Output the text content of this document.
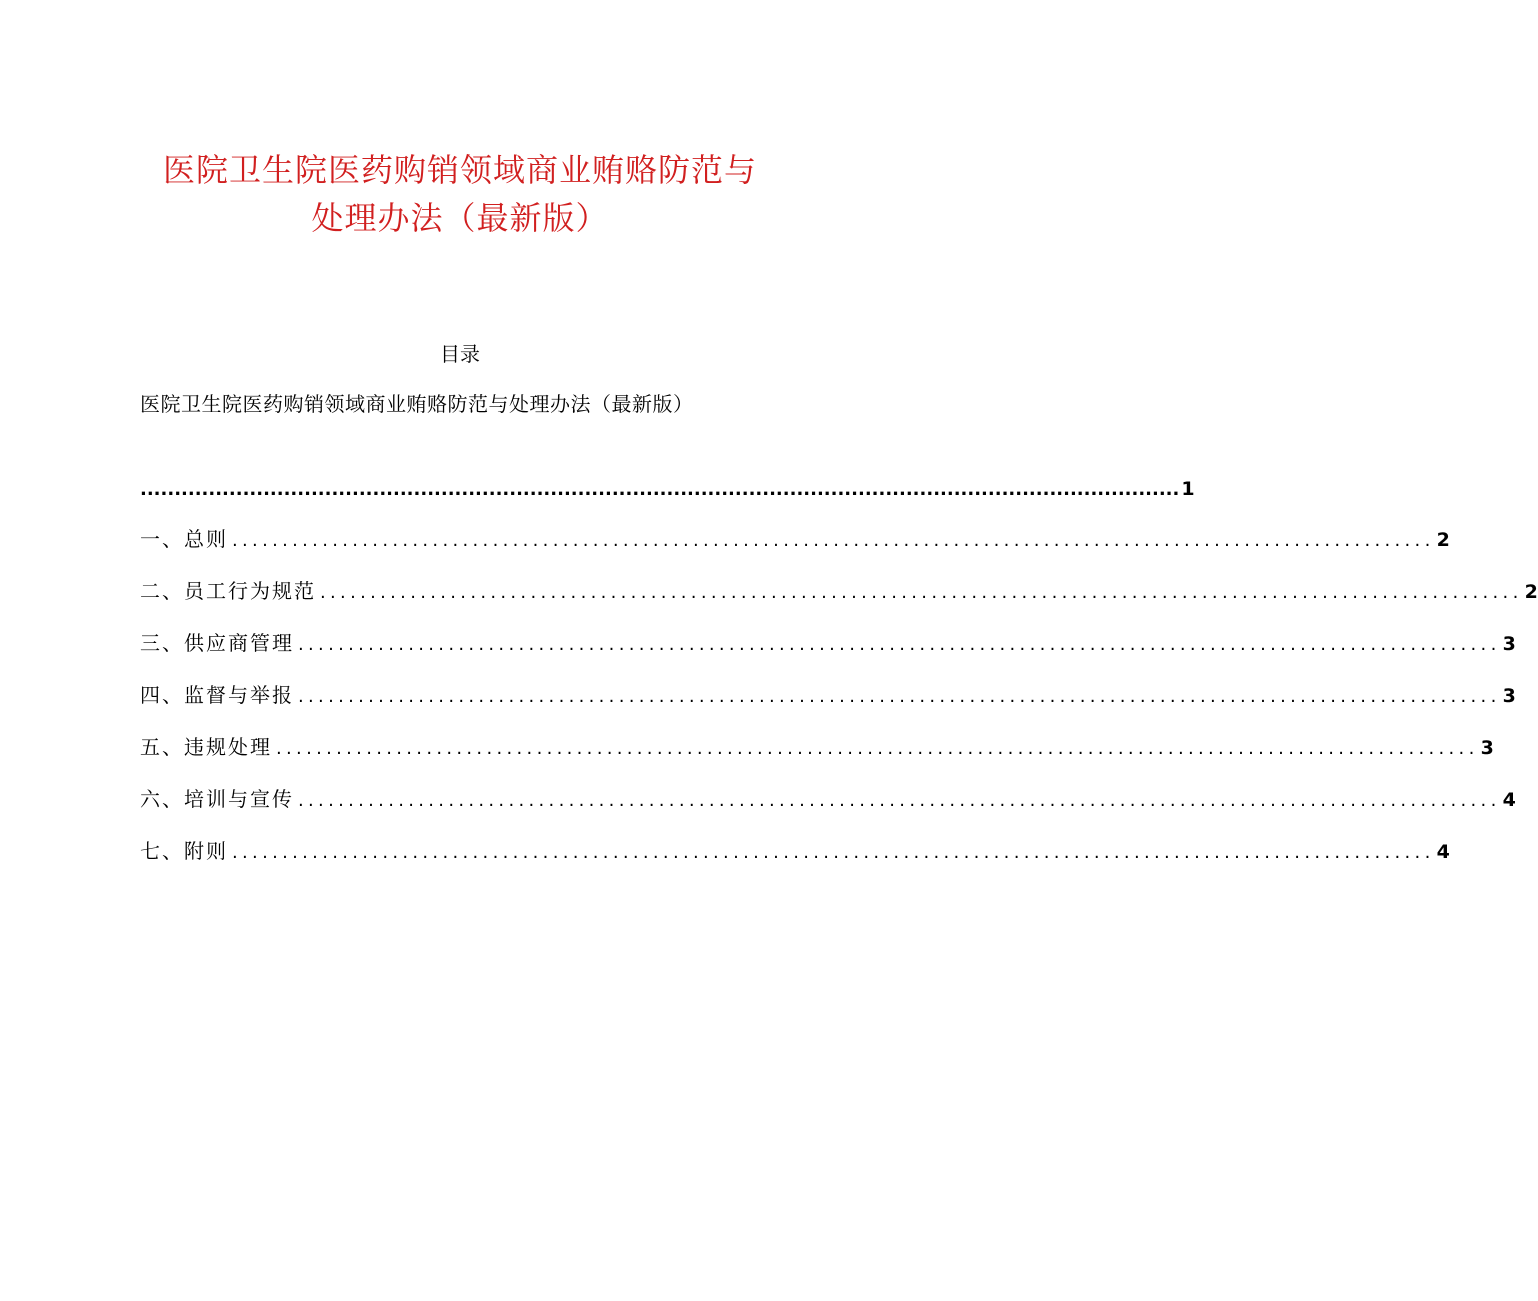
医院卫生院医药购销领域商业贿赂防范与
处理办法（最新版）
目录
医院卫生院医药购销领域商业贿赂防范与处理办法（最新版）
........................................................................................................................................................ 1
一、总则 ........................................................................................................................ 2
二、员工行为规范 ........................................................................................................................ 2
三、供应商管理 ........................................................................................................................ 3
四、监督与举报 ........................................................................................................................ 3
五、违规处理 ........................................................................................................................ 3
六、培训与宣传 ........................................................................................................................ 4
七、附则 ........................................................................................................................ 4
